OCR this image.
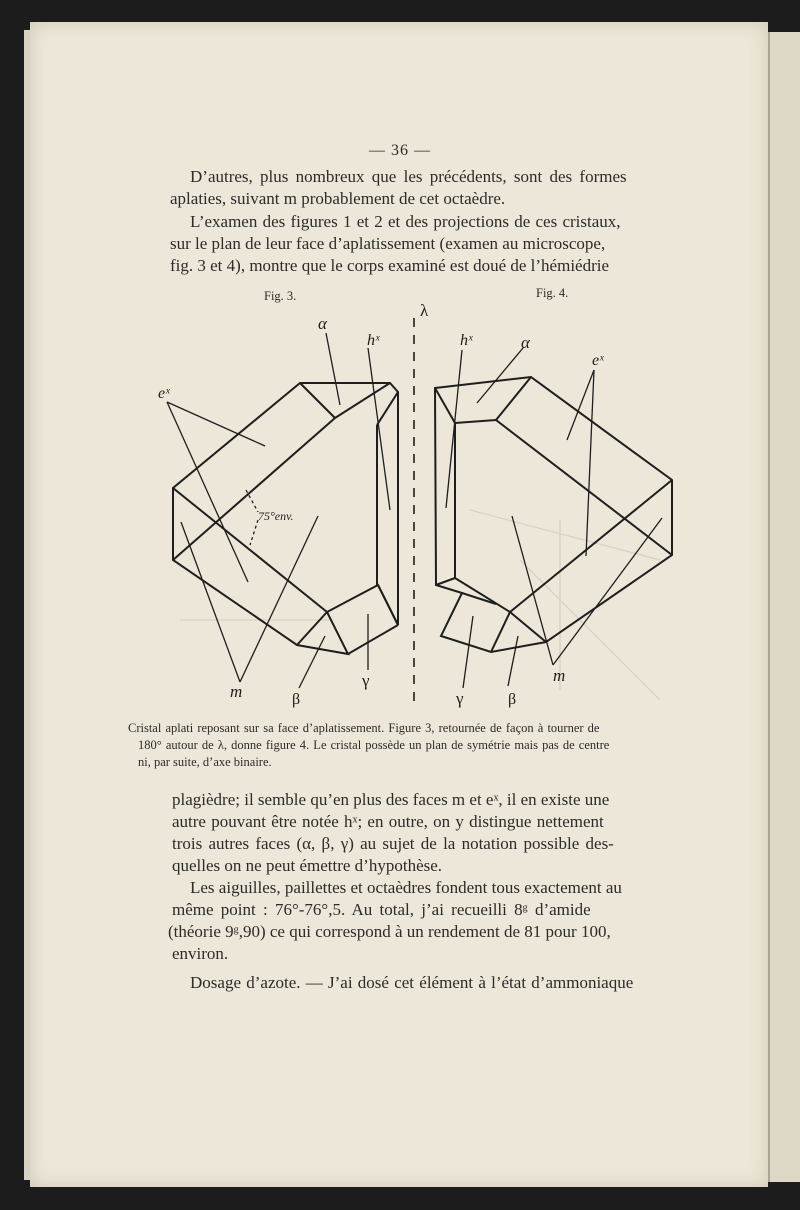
— 36 —
D’autres, plus nombreux que les précédents, sont des formes
aplaties, suivant m probablement de cet octaèdre.
L’examen des figures 1 et 2 et des projections de ces cristaux,
sur le plan de leur face d’aplatissement (examen au microscope,
fig. 3 et 4), montre que le corps examiné est doué de l’hémiédrie
Fig. 3.	Fig. 4.
λ
α
hˣ
eˣ
75°env.
m	β
γ
hˣ	α
eˣ
m
γ	β
Cristal aplati reposant sur sa face d’aplatissement. Figure 3, retournée de façon à tourner de
180° autour de λ, donne figure 4. Le cristal possède un plan de symétrie mais pas de centre
ni, par suite, d’axe binaire.
plagièdre; il semble qu’en plus des faces m et eˣ, il en existe une
autre pouvant être notée hˣ; en outre, on y distingue nettement
trois autres faces (α, β, γ) au sujet de la notation possible des-
quelles on ne peut émettre d’hypothèse.
Les aiguilles, paillettes et octaèdres fondent tous exactement au
même point : 76°-76°,5. Au total, j’ai recueilli 8ᵍ d’amide
(théorie 9ᵍ,90) ce qui correspond à un rendement de 81 pour 100,
environ.
Dosage d’azote. — J’ai dosé cet élément à l’état d’ammoniaque
